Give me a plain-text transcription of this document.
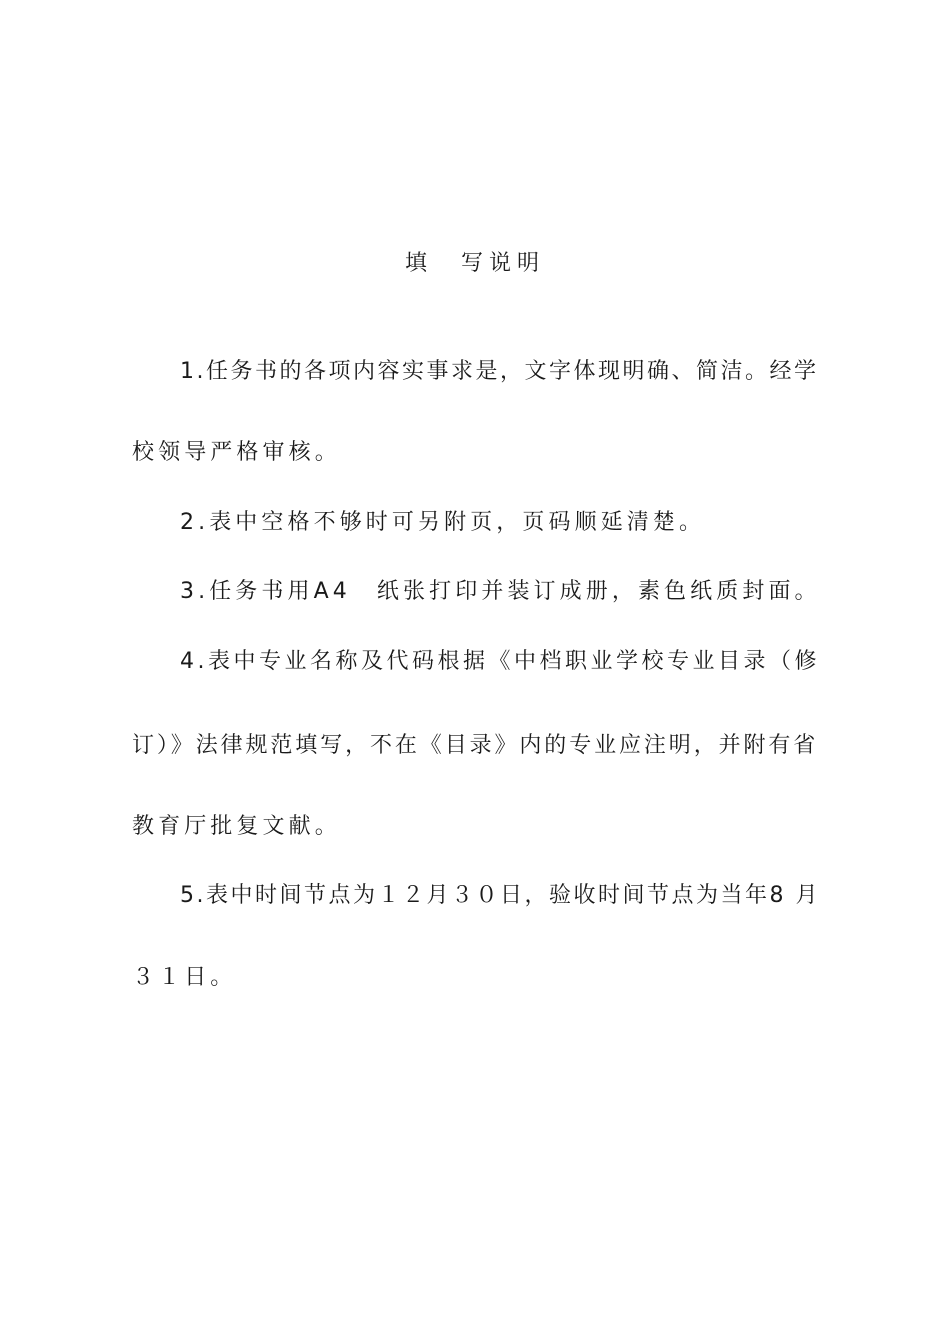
填　写说明
1.任务书的各项内容实事求是，文字体现明确、简洁。经学
校领导严格审核。
2.表中空格不够时可另附页，页码顺延清楚。
3.任务书用A4　纸张打印并装订成册，素色纸质封面。
4.表中专业名称及代码根据《中档职业学校专业目录（修
订）》法律规范填写，不在《目录》内的专业应注明，并附有省
教育厅批复文献。
5.表中时间节点为１２月３０日，验收时间节点为当年8 月
３１日。
